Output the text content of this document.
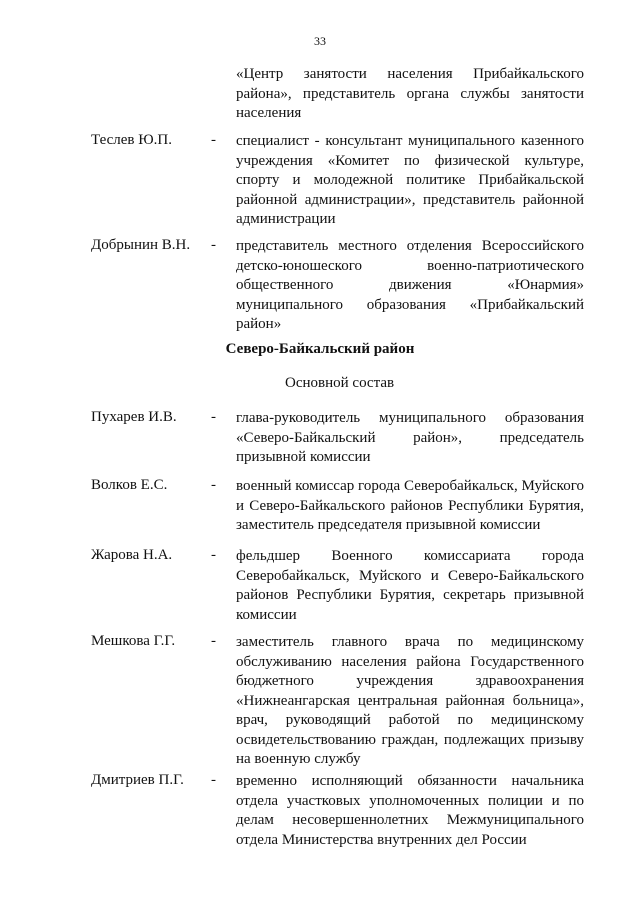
33
«Центр занятости населения Прибайкальского района», представитель органа службы занятости населения
Теслев Ю.П.	- специалист - консультант муниципального казенного учреждения «Комитет по физической культуре, спорту и молодежной политике Прибайкальской районной администрации», представитель районной администрации
Добрынин В.Н. - представитель местного отделения Всероссийского детско-юношеского военно-патриотического общественного движения «Юнармия» муниципального образования «Прибайкальский район»
Северо-Байкальский район
Основной состав
Пухарев И.В. - глава-руководитель муниципального образования «Северо-Байкальский район», председатель призывной комиссии
Волков Е.С.	- военный комиссар города Северобайкальск, Муйского и Северо-Байкальского районов Республики Бурятия, заместитель председателя призывной комиссии
Жарова Н.А.	- фельдшер Военного комиссариата города Северобайкальск, Муйского и Северо-Байкальского районов Республики Бурятия, секретарь призывной комиссии
Мешкова Г.Г. - заместитель главного врача по медицинскому обслуживанию населения района Государственного бюджетного учреждения здравоохранения «Нижнеангарская центральная районная больница», врач, руководящий работой по медицинскому освидетельствованию граждан, подлежащих призыву на военную службу
Дмитриев П.Г. - временно исполняющий обязанности начальника отдела участковых уполномоченных полиции и по делам несовершеннолетних Межмуниципального отдела Министерства внутренних дел России
